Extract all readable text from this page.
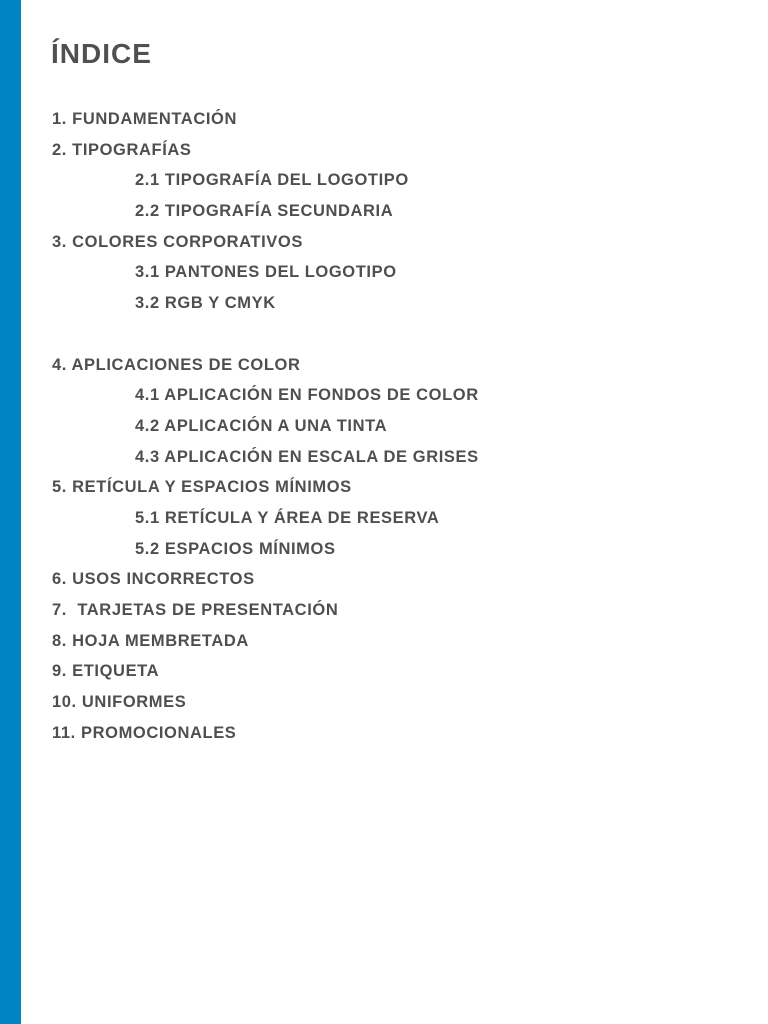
ÍNDICE
1. FUNDAMENTACIÓN
2. TIPOGRAFÍAS
2.1 TIPOGRAFÍA DEL LOGOTIPO
2.2 TIPOGRAFÍA SECUNDARIA
3. COLORES CORPORATIVOS
3.1 PANTONES DEL LOGOTIPO
3.2 RGB Y CMYK
4. APLICACIONES DE COLOR
4.1 APLICACIÓN EN FONDOS DE COLOR
4.2 APLICACIÓN A UNA TINTA
4.3 APLICACIÓN EN ESCALA DE GRISES
5. RETÍCULA Y ESPACIOS MÍNIMOS
5.1 RETÍCULA Y ÁREA DE RESERVA
5.2 ESPACIOS MÍNIMOS
6. USOS INCORRECTOS
7.  TARJETAS DE PRESENTACIÓN
8. HOJA MEMBRETADA
9. ETIQUETA
10. UNIFORMES
11. PROMOCIONALES
